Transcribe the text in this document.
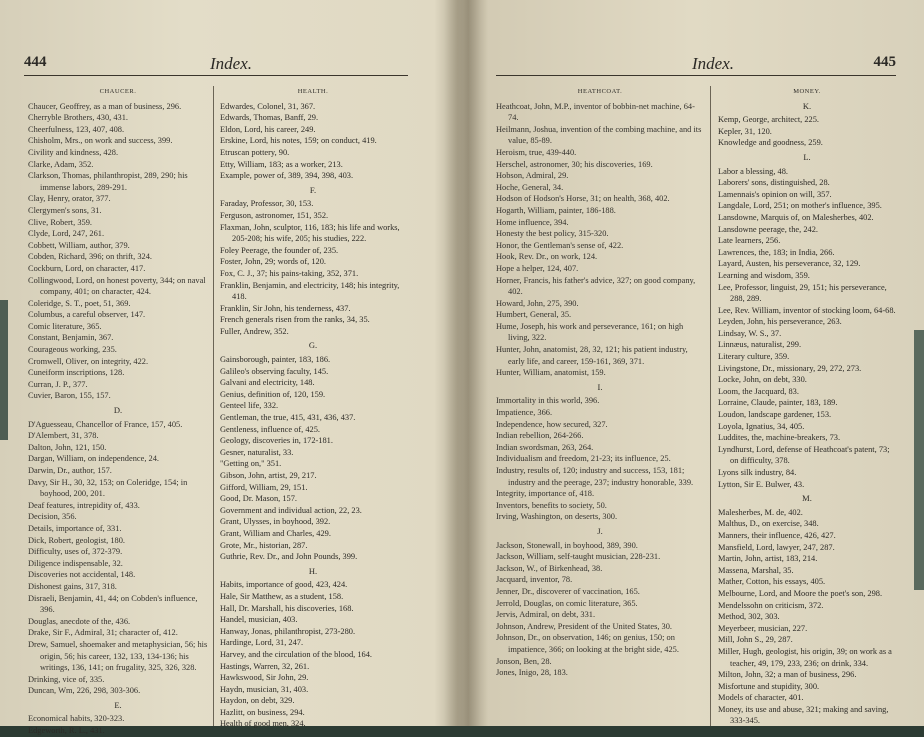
444	Index.
CHAUCER.
Chaucer, Geoffrey, as a man of business, 296.
Cherryble Brothers, 430, 431.
Cheerfulness, 123, 407, 408.
Chisholm, Mrs., on work and success, 399.
Civility and kindness, 428.
Clarke, Adam, 352.
Clarkson, Thomas, philanthropist, 289, 290; his immense labors, 289-291.
Clay, Henry, orator, 377.
Clergymen's sons, 31.
Clive, Robert, 359.
Clyde, Lord, 247, 261.
Cobbett, William, author, 379.
Cobden, Richard, 396; on thrift, 324.
Cockburn, Lord, on character, 417.
Collingwood, Lord, on honest poverty, 344; on naval company, 401; on character, 424.
Coleridge, S. T., poet, 51, 369.
Columbus, a careful observer, 147.
Comic literature, 365.
Constant, Benjamin, 367.
Courageous working, 235.
Cromwell, Oliver, on integrity, 422.
Cuneiform inscriptions, 128.
Curran, J. P., 377.
Cuvier, Baron, 155, 157.
D.
D'Aguesseau, Chancellor of France, 157, 405.
D'Alembert, 31, 378.
Dalton, John, 121, 150.
Dargan, William, on independence, 24.
Darwin, Dr., author, 157.
Davy, Sir H., 30, 32, 153; on Coleridge, 154; in boyhood, 200, 201.
Deaf features, intrepidity of, 433.
Decision, 356.
Details, importance of, 331.
Dick, Robert, geologist, 180.
Difficulty, uses of, 372-379.
Diligence indispensable, 32.
Discoveries not accidental, 148.
Dishonest gains, 317, 318.
Disraeli, Benjamin, 41, 44; on Cobden's influence, 396.
Douglas, anecdote of the, 436.
Drake, Sir F., Admiral, 31; character of, 412.
Drew, Samuel, shoemaker and metaphysician, 56; his origin, 56; his career, 132, 133, 134-136; his writings, 136, 141; on frugality, 325, 326, 328.
Drinking, vice of, 335.
Duncan, Wm, 226, 298, 303-306.
E.
Economical habits, 320-323.
Edgeworth, R. L., 431.
HEALTH.
Edwardes, Colonel, 31, 367.
Edwards, Thomas, Banff, 29.
Eldon, Lord, his career, 249.
Erskine, Lord, his notes, 159; on conduct, 419.
Etruscan pottery, 90.
Etty, William, 183; as a worker, 213.
Example, power of, 389, 394, 398, 403.
F.
Faraday, Professor, 30, 153.
Ferguson, astronomer, 151, 352.
Flaxman, John, sculptor, 116, 183; his life and works, 205-208; his wife, 205; his studies, 222.
Foley Peerage, the founder of, 235.
Foster, John, 29; words of, 120.
Fox, C. J., 37; his pains-taking, 352, 371.
Franklin, Benjamin, and electricity, 148; his integrity, 418.
Franklin, Sir John, his tenderness, 437.
French generals risen from the ranks, 34, 35.
Fuller, Andrew, 352.
G.
Gainsborough, painter, 183, 186.
Galileo's observing faculty, 145.
Galvani and electricity, 148.
Genius, definition of, 120, 159.
Genteel life, 332.
Gentleman, the true, 415, 431, 436, 437.
Gentleness, influence of, 425.
Geology, discoveries in, 172-181.
Gesner, naturalist, 33.
"Getting on," 351.
Gibson, John, artist, 29, 217.
Gifford, William, 29, 151.
Good, Dr. Mason, 157.
Government and individual action, 22, 23.
Grant, Ulysses, in boyhood, 392.
Grant, William and Charles, 429.
Grote, Mr., historian, 287.
Guthrie, Rev. Dr., and John Pounds, 399.
H.
Habits, importance of good, 423, 424.
Hale, Sir Matthew, as a student, 158.
Hall, Dr. Marshall, his discoveries, 168.
Handel, musician, 403.
Hanway, Jonas, philanthropist, 273-280.
Hardinge, Lord, 31, 247.
Harvey, and the circulation of the blood, 164.
Hastings, Warren, 32, 261.
Hawkswood, Sir John, 29.
Haydn, musician, 31, 403.
Haydon, on debt, 329.
Hazlitt, on business, 294.
Health of good men, 324.
Index.	445
HEATHCOAT.
Heathcoat, John, M.P., inventor of bobbin-net machine, 64-74.
Heilmann, Joshua, invention of the combing machine, and its value, 85-89.
Heroism, true, 439-440.
Herschel, astronomer, 30; his discoveries, 169.
Hobson, Admiral, 29.
Hoche, General, 34.
Hodson of Hodson's Horse, 31; on health, 368, 402.
Hogarth, William, painter, 186-188.
Home influence, 394.
Honesty the best policy, 315-320.
Honor, the Gentleman's sense of, 422.
Hook, Rev. Dr., on work, 124.
Hope a helper, 124, 407.
Horner, Francis, his father's advice, 327; on good company, 402.
Howard, John, 275, 390.
Humbert, General, 35.
Hume, Joseph, his work and perseverance, 161; on high living, 322.
Hunter, John, anatomist, 28, 32, 121; his patient industry, early life, and career, 159-161, 369, 371.
Hunter, William, anatomist, 159.
I.
Immortality in this world, 396.
Impatience, 366.
Independence, how secured, 327.
Indian rebellion, 264-266.
Indian swordsman, 263, 264.
Individualism and freedom, 21-23; its influence, 25.
Industry, results of, 120; industry and success, 153, 181; industry and the peerage, 237; industry honorable, 339.
Integrity, importance of, 418.
Inventors, benefits to society, 50.
Irving, Washington, on deserts, 300.
J.
Jackson, Stonewall, in boyhood, 389, 390.
Jackson, William, self-taught musician, 228-231.
Jackson, W., of Birkenhead, 38.
Jacquard, inventor, 78.
Jenner, Dr., discoverer of vaccination, 165.
Jerrold, Douglas, on comic literature, 365.
Jervis, Admiral, on debt, 331.
Johnson, Andrew, President of the United States, 30.
Johnson, Dr., on observation, 146; on genius, 150; on impatience, 366; on looking at the bright side, 425.
Jonson, Ben, 28.
Jones, Inigo, 28, 183.
MONEY.
K.
Kemp, George, architect, 225.
Kepler, 31, 120.
Knowledge and goodness, 259.
L.
Labor a blessing, 48.
Laborers' sons, distinguished, 28.
Lamennais's opinion on will, 357.
Langdale, Lord, 251; on mother's influence, 395.
Lansdowne, Marquis of, on Malesherbes, 402.
Lansdowne peerage, the, 242.
Late learners, 256.
Lawrences, the, 183; in India, 266.
Layard, Austen, his perseverance, 32, 129.
Learning and wisdom, 359.
Lee, Professor, linguist, 29, 151; his perseverance, 288, 289.
Lee, Rev. William, inventor of stocking loom, 64-68.
Leyden, John, his perseverance, 263.
Lindsay, W. S., 37.
Linnæus, naturalist, 299.
Literary culture, 359.
Livingstone, Dr., missionary, 29, 272, 273.
Locke, John, on debt, 330.
Loom, the Jacquard, 83.
Lorraine, Claude, painter, 183, 189.
Loudon, landscape gardener, 153.
Loyola, Ignatius, 34, 405.
Luddites, the, machine-breakers, 73.
Lyndhurst, Lord, defense of Heathcoat's patent, 73; on difficulty, 378.
Lyons silk industry, 84.
Lytton, Sir E. Bulwer, 43.
M.
Malesherbes, M. de, 402.
Malthus, D., on exercise, 348.
Manners, their influence, 426, 427.
Mansfield, Lord, lawyer, 247, 287.
Martin, John, artist, 183, 214.
Massena, Marshal, 35.
Mather, Cotton, his essays, 405.
Melbourne, Lord, and Moore the poet's son, 298.
Mendelssohn on criticism, 372.
Method, 302, 303.
Meyerbeer, musician, 227.
Mill, John S., 29, 287.
Miller, Hugh, geologist, his origin, 39; on work as a teacher, 49, 179, 233, 236; on drink, 334.
Milton, John, 32; a man of business, 296.
Misfortune and stupidity, 300.
Models of character, 401.
Money, its use and abuse, 321; making and saving, 333-345.
